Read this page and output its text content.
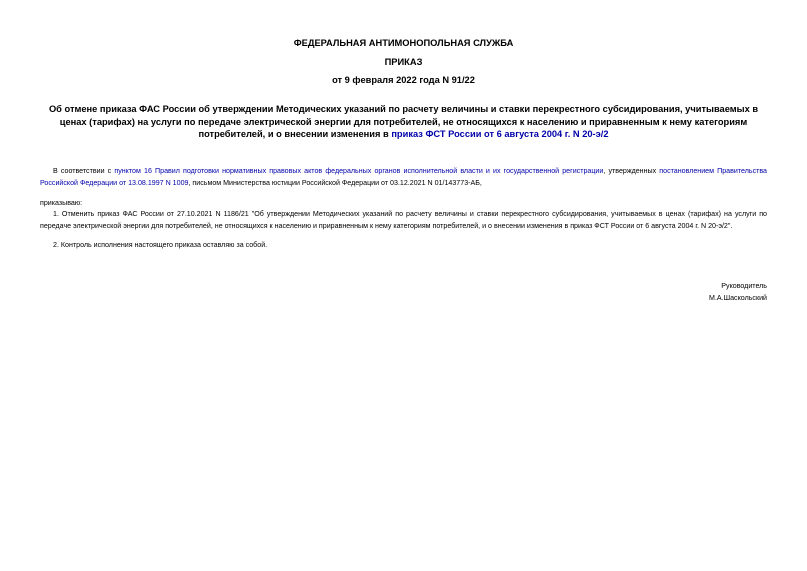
ФЕДЕРАЛЬНАЯ АНТИМОНОПОЛЬНАЯ СЛУЖБА
ПРИКАЗ
от 9 февраля 2022 года N 91/22
Об отмене приказа ФАС России об утверждении Методических указаний по расчету величины и ставки перекрестного субсидирования, учитываемых в ценах (тарифах) на услуги по передаче электрической энергии для потребителей, не относящихся к населению и приравненным к нему категориям потребителей, и о внесении изменения в приказ ФСТ России от 6 августа 2004 г. N 20-э/2
В соответствии с пунктом 16 Правил подготовки нормативных правовых актов федеральных органов исполнительной власти и их государственной регистрации, утвержденных постановлением Правительства Российской Федерации от 13.08.1997 N 1009, письмом Министерства юстиции Российской Федерации от 03.12.2021 N 01/143773-АБ,
приказываю:
1. Отменить приказ ФАС России от 27.10.2021 N 1186/21 "Об утверждении Методических указаний по расчету величины и ставки перекрестного субсидирования, учитываемых в ценах (тарифах) на услуги по передаче электрической энергии для потребителей, не относящихся к населению и приравненным к нему категориям потребителей, и о внесении изменения в приказ ФСТ России от 6 августа 2004 г. N 20-э/2".
2. Контроль исполнения настоящего приказа оставляю за собой.
Руководитель
М.А.Шаскольский
